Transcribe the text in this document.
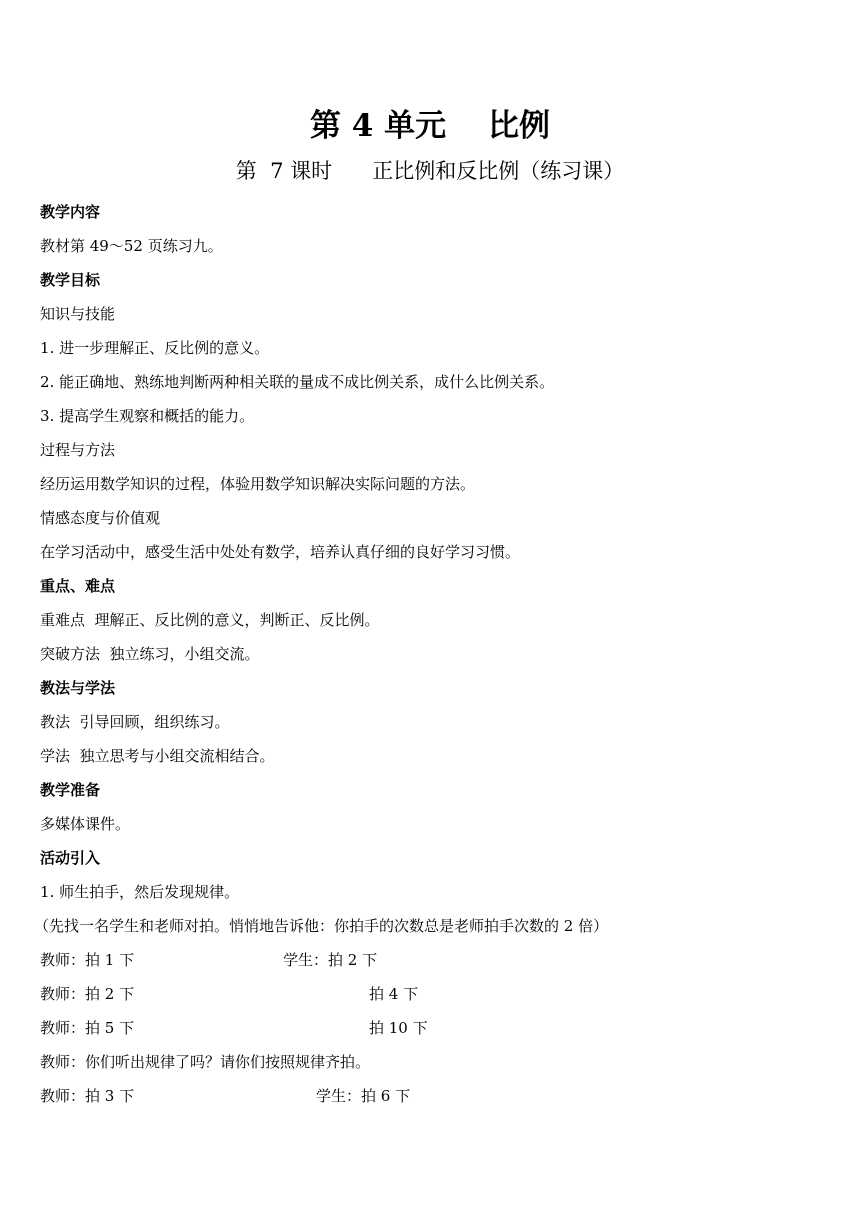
第 4 单元　 比例
第  7 课时      正比例和反比例（练习课）
教学内容
教材第 49～52 页练习九。
教学目标
知识与技能
1. 进一步理解正、反比例的意义。
2. 能正确地、熟练地判断两种相关联的量成不成比例关系，成什么比例关系。
3. 提高学生观察和概括的能力。
过程与方法
经历运用数学知识的过程，体验用数学知识解决实际问题的方法。
情感态度与价值观
在学习活动中，感受生活中处处有数学，培养认真仔细的良好学习习惯。
重点、难点
重难点  理解正、反比例的意义，判断正、反比例。
突破方法  独立练习，小组交流。
教法与学法
教法  引导回顾，组织练习。
学法  独立思考与小组交流相结合。
教学准备
多媒体课件。
活动引入
1. 师生拍手，然后发现规律。
（先找一名学生和老师对拍。悄悄地告诉他：你拍手的次数总是老师拍手次数的 2 倍）
教师：拍 1 下	学生：拍 2 下
教师：拍 2 下	拍 4 下
教师：拍 5 下	拍 10 下
教师：你们听出规律了吗？请你们按照规律齐拍。
教师：拍 3 下	学生：拍 6 下
